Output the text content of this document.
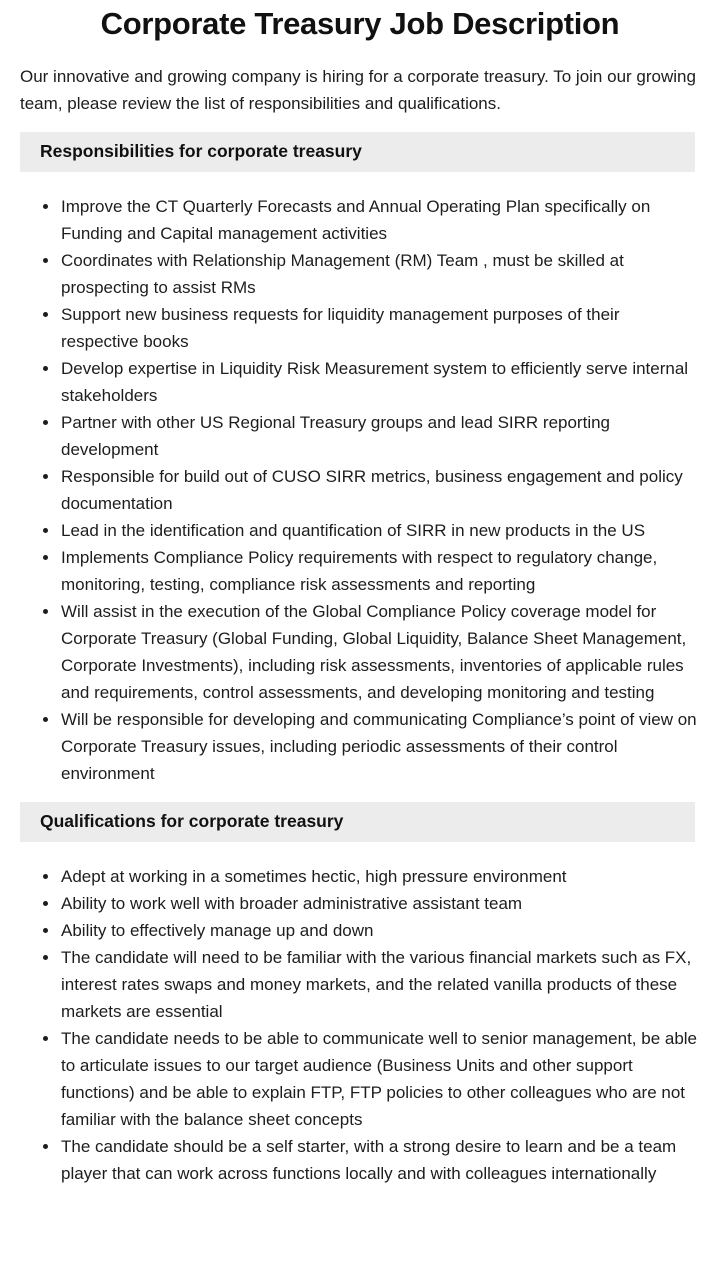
Corporate Treasury Job Description

Our innovative and growing company is hiring for a corporate treasury. To join our growing team, please review the list of responsibilities and qualifications.

Responsibilities for corporate treasury
• Improve the CT Quarterly Forecasts and Annual Operating Plan specifically on Funding and Capital management activities
• Coordinates with Relationship Management (RM) Team , must be skilled at prospecting to assist RMs
• Support new business requests for liquidity management purposes of their respective books
• Develop expertise in Liquidity Risk Measurement system to efficiently serve internal stakeholders
• Partner with other US Regional Treasury groups and lead SIRR reporting development
• Responsible for build out of CUSO SIRR metrics, business engagement and policy documentation
• Lead in the identification and quantification of SIRR in new products in the US
• Implements Compliance Policy requirements with respect to regulatory change, monitoring, testing, compliance risk assessments and reporting
• Will assist in the execution of the Global Compliance Policy coverage model for Corporate Treasury (Global Funding, Global Liquidity, Balance Sheet Management, Corporate Investments), including risk assessments, inventories of applicable rules and requirements, control assessments, and developing monitoring and testing
• Will be responsible for developing and communicating Compliance’s point of view on Corporate Treasury issues, including periodic assessments of their control environment
Qualifications for corporate treasury
• Adept at working in a sometimes hectic, high pressure environment
• Ability to work well with broader administrative assistant team
• Ability to effectively manage up and down
• The candidate will need to be familiar with the various financial markets such as FX, interest rates swaps and money markets, and the related vanilla products of these markets are essential
• The candidate needs to be able to communicate well to senior management, be able to articulate issues to our target audience (Business Units and other support functions) and be able to explain FTP, FTP policies to other colleagues who are not familiar with the balance sheet concepts
• The candidate should be a self starter, with a strong desire to learn and be a team player that can work across functions locally and with colleagues internationally
